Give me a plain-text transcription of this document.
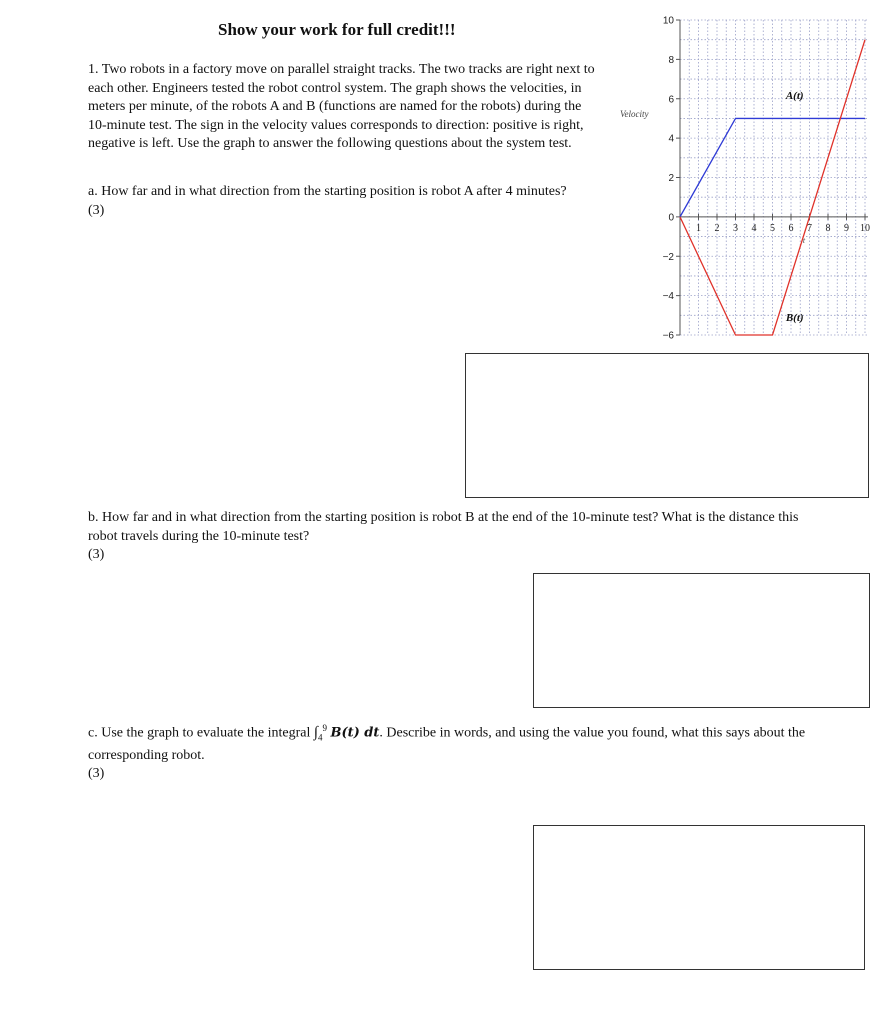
Show your work for full credit!!!
1. Two robots in a factory move on parallel straight tracks. The two tracks are right next to each other. Engineers tested the robot control system. The graph shows the velocities, in meters per minute, of the robots A and B (functions are named for the robots) during the 10-minute test. The sign in the velocity values corresponds to direction: positive is right, negative is left. Use the graph to answer the following questions about the system test.
a. How far and in what direction from the starting position is robot A after 4 minutes?
(3)
10
8
6
4
2
0
−2
−4
−6
1 2 3 4 5 6 7 8 9 10
t
Velocity
A(t)
B(t)
b. How far and in what direction from the starting position is robot B at the end of the 10-minute test? What is the distance this robot travels during the 10-minute test?
(3)
c. Use the graph to evaluate the integral $\int_4^9$ B(t) dt. Describe in words, and using the value you found, what this says about the corresponding robot.
(3)
